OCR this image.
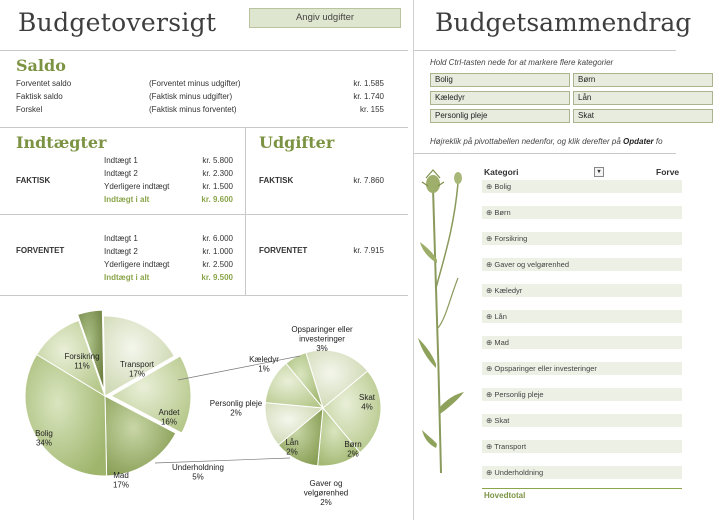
Budgetoversigt	Angiv udgifter
Saldo
Forventet saldo	(Forventet minus udgifter)	kr. 1.585
Faktisk saldo	(Faktisk minus udgifter)	kr. 1.740
Forskel	(Faktisk minus forventet)	kr. 155
Indtægter
FAKTISK
Indtægt 1	kr. 5.800
Indtægt 2	kr. 2.300
Yderligere indtægt	kr. 1.500
Indtægt i alt	kr. 9.600
FORVENTET
Indtægt 1	kr. 6.000
Indtægt 2	kr. 1.000
Yderligere indtægt	kr. 2.500
Indtægt i alt	kr. 9.500
Udgifter
FAKTISK	kr. 7.860
FORVENTET	kr. 7.915
Transport 17%
Andet 16%
Mad 17%
Bolig 34%
Forsikring 11%
Underholdning 5%
Opsparinger eller investeringer 3%
Skat 4%
Børn 2%
Gaver og velgørenhed 2%
Lån 2%
Personlig pleje 2%
Kæledyr 1%
Budgetsammendrag
Hold Ctrl-tasten nede for at markere flere kategorier
Bolig	Børn
Kæledyr	Lån
Personlig pleje	Skat
Højreklik på pivottabellen nedenfor, og klik derefter på Opdater fo
Kategori	▾	Forve
⊕ Bolig
⊕ Børn
⊕ Forsikring
⊕ Gaver og velgørenhed
⊕ Kæledyr
⊕ Lån
⊕ Mad
⊕ Opsparinger eller investeringer
⊕ Personlig pleje
⊕ Skat
⊕ Transport
⊕ Underholdning
Hovedtotal
